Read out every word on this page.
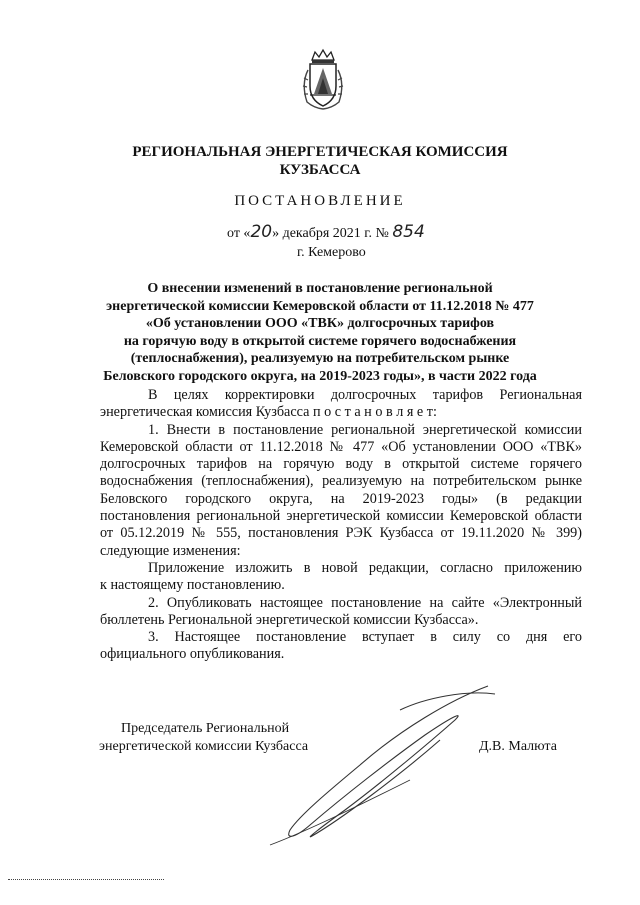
РЕГИОНАЛЬНАЯ ЭНЕРГЕТИЧЕСКАЯ КОМИССИЯ
КУЗБАССА
ПОСТАНОВЛЕНИЕ
от «20» декабря 2021 г. № 854
г. Кемерово
О внесении изменений в постановление региональной
энергетической комиссии Кемеровской области от 11.12.2018 № 477
«Об установлении ООО «ТВК» долгосрочных тарифов
на горячую воду в открытой системе горячего водоснабжения
(теплоснабжения), реализуемую на потребительском рынке
Беловского городского округа, на 2019-2023 годы», в части 2022 года
В целях корректировки долгосрочных тарифов Региональная
энергетическая комиссия Кузбасса п о с т а н о в л я е т:
1. Внести в постановление региональной энергетической комиссии
Кемеровской области от 11.12.2018 № 477 «Об установлении ООО «ТВК»
долгосрочных тарифов на горячую воду в открытой системе горячего
водоснабжения (теплоснабжения), реализуемую на потребительском рынке
Беловского городского округа, на 2019-2023 годы» (в редакции
постановления региональной энергетической комиссии Кемеровской области
от 05.12.2019 № 555, постановления РЭК Кузбасса от 19.11.2020 № 399)
следующие изменения:
Приложение изложить в новой редакции, согласно приложению
к настоящему постановлению.
2. Опубликовать настоящее постановление на сайте «Электронный
бюллетень Региональной энергетической комиссии Кузбасса».
3. Настоящее постановление вступает в силу со дня его
официального опубликования.
Председатель Региональной
энергетической комиссии Кузбасса	Д.В. Малюта
